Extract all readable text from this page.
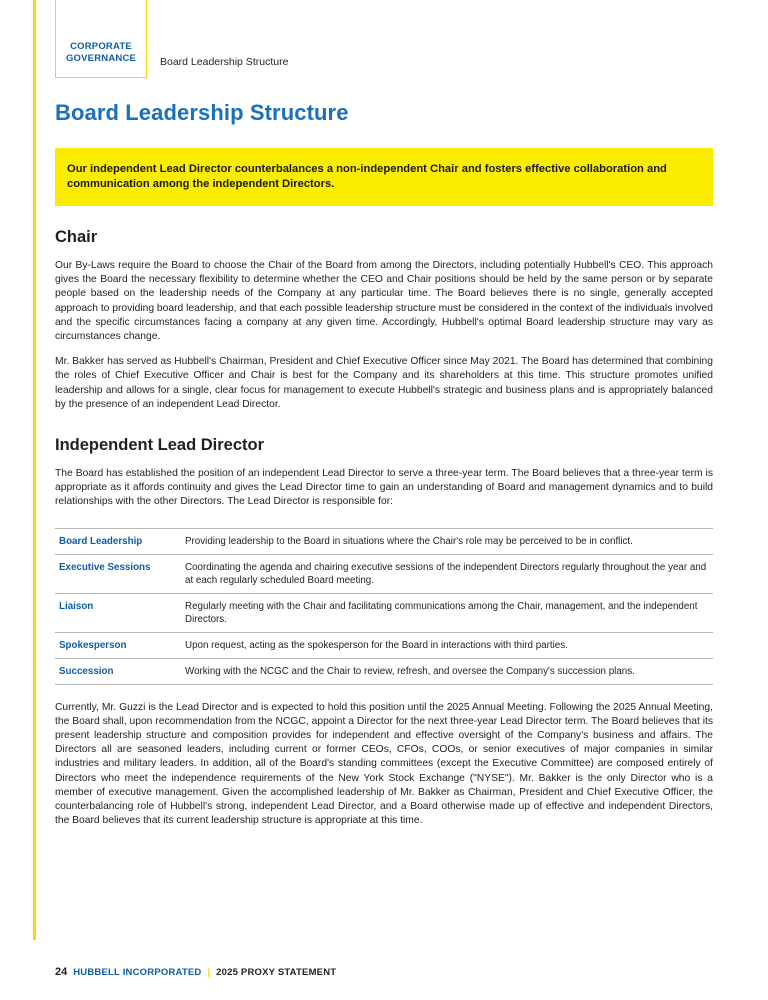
CORPORATE
GOVERNANCE Board Leadership Structure
Board Leadership Structure
Our independent Lead Director counterbalances a non-independent Chair and fosters effective collaboration and communication among the independent Directors.
Chair

Our By-Laws require the Board to choose the Chair of the Board from among the Directors, including potentially Hubbell's CEO. This approach gives the Board the necessary flexibility to determine whether the CEO and Chair positions should be held by the same person or by separate people based on the leadership needs of the Company at any particular time. The Board believes there is no single, generally accepted approach to providing board leadership, and that each possible leadership structure must be considered in the context of the individuals involved and the specific circumstances facing a company at any given time. Accordingly, Hubbell's optimal Board leadership structure may vary as circumstances change.

Mr. Bakker has served as Hubbell's Chairman, President and Chief Executive Officer since May 2021. The Board has determined that combining the roles of Chief Executive Officer and Chair is best for the Company and its shareholders at this time. This structure promotes unified leadership and allows for a single, clear focus for management to execute Hubbell's strategic and business plans and is appropriately balanced by the presence of an independent Lead Director.

Independent Lead Director

The Board has established the position of an independent Lead Director to serve a three-year term. The Board believes that a three-year term is appropriate as it affords continuity and gives the Lead Director time to gain an understanding of Board and management dynamics and to build relationships with the other Directors. The Lead Director is responsible for:

Board Leadership	Providing leadership to the Board in situations where the Chair's role may be perceived to be in conflict.
Executive Sessions	Coordinating the agenda and chairing executive sessions of the independent Directors regularly throughout the year and at each regularly scheduled Board meeting.
Liaison	Regularly meeting with the Chair and facilitating communications among the Chair, management, and the independent Directors.
Spokesperson	Upon request, acting as the spokesperson for the Board in interactions with third parties.
Succession	Working with the NCGC and the Chair to review, refresh, and oversee the Company's succession plans.

Currently, Mr. Guzzi is the Lead Director and is expected to hold this position until the 2025 Annual Meeting. Following the 2025 Annual Meeting, the Board shall, upon recommendation from the NCGC, appoint a Director for the next three-year Lead Director term. The Board believes that its present leadership structure and composition provides for independent and effective oversight of the Company's business and affairs. The Directors all are seasoned leaders, including current or former CEOs, CFOs, COOs, or senior executives of major companies in similar industries and military leaders. In addition, all of the Board's standing committees (except the Executive Committee) are composed entirely of Directors who meet the independence requirements of the New York Stock Exchange ("NYSE"). Mr. Bakker is the only Director who is a member of executive management. Given the accomplished leadership of Mr. Bakker as Chairman, President and Chief Executive Officer, the counterbalancing role of Hubbell's strong, independent Lead Director, and a Board otherwise made up of effective and independent Directors, the Board believes that its current leadership structure is appropriate at this time.

24 HUBBELL INCORPORATED | 2025 PROXY STATEMENT
